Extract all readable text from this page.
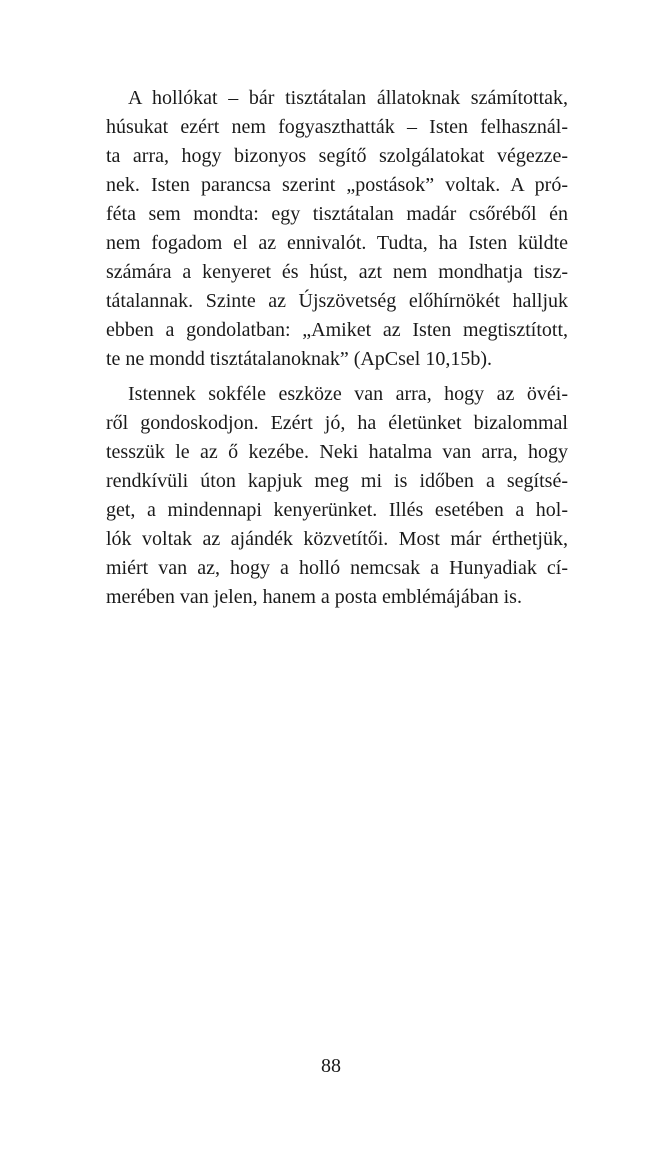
A hollókat – bár tisztátalan állatoknak számítottak,
húsukat ezért nem fogyaszthatták – Isten felhasznál-
ta arra, hogy bizonyos segítő szolgálatokat végezze-
nek. Isten parancsa szerint „postások” voltak. A pró-
féta sem mondta: egy tisztátalan madár csőréből én
nem fogadom el az ennivalót. Tudta, ha Isten küldte
számára a kenyeret és húst, azt nem mondhatja tisz-
tátalannak. Szinte az Újszövetség előhírnökét halljuk
ebben a gondolatban: „Amiket az Isten megtisztított,
te ne mondd tisztátalanoknak” (ApCsel 10,15b).
Istennek sokféle eszköze van arra, hogy az övéi-
ről gondoskodjon. Ezért jó, ha életünket bizalommal
tesszük le az ő kezébe. Neki hatalma van arra, hogy
rendkívüli úton kapjuk meg mi is időben a segítsé-
get, a mindennapi kenyerünket. Illés esetében a hol-
lók voltak az ajándék közvetítői. Most már érthetjük,
miért van az, hogy a holló nemcsak a Hunyadiak cí-
merében van jelen, hanem a posta emblémájában is.
88
